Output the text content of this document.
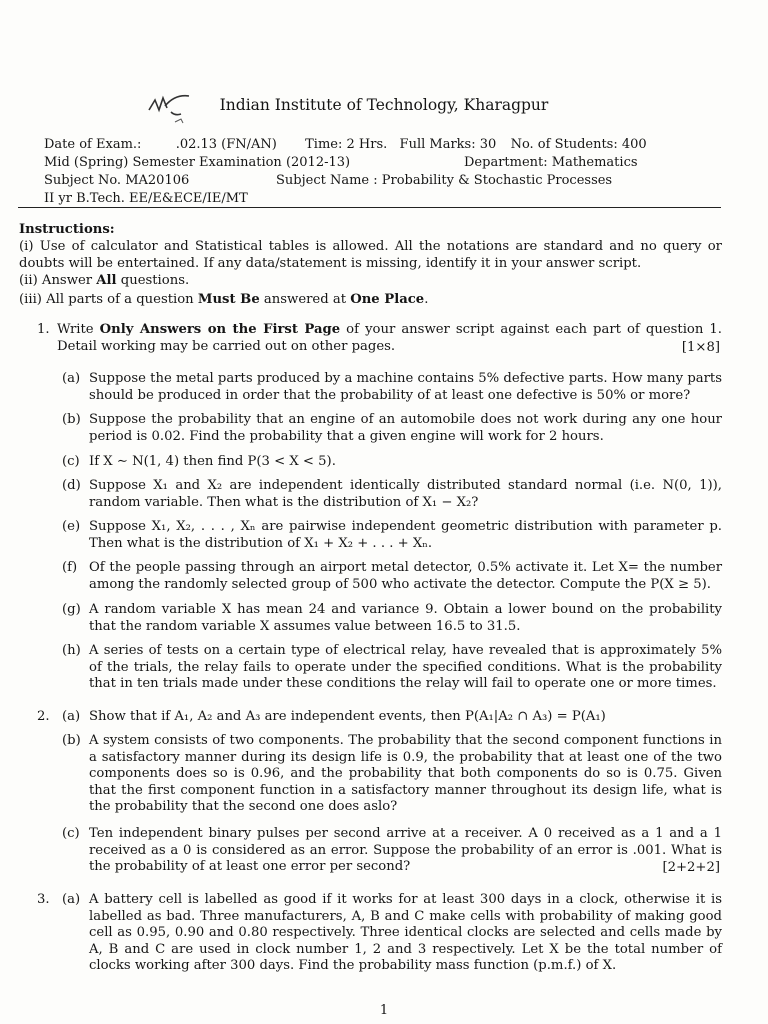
Indian Institute of Technology, Kharagpur
Date of Exam.:	.02.13 (FN/AN) Time: 2 Hrs. Full Marks: 30 No. of Students: 400
Mid (Spring) Semester Examination (2012-13)	Department: Mathematics
Subject No. MA20106	Subject Name : Probability & Stochastic Processes
II yr B.Tech. EE/E&ECE/IE/MT
Instructions:
(i) Use of calculator and Statistical tables is allowed. All the notations are standard and no query or doubts will be entertained. If any data/statement is missing, identify it in your answer script.
(ii) Answer All questions.
(iii) All parts of a question Must Be answered at One Place.
1. Write Only Answers on the First Page of your answer script against each part of question 1. Detail working may be carried out on other pages.	[1×8]
(a) Suppose the metal parts produced by a machine contains 5% defective parts. How many parts should be produced in order that the probability of at least one defective is 50% or more?
(b) Suppose the probability that an engine of an automobile does not work during any one hour period is 0.02. Find the probability that a given engine will work for 2 hours.
(c) If X ∼ N(1, 4) then find P(3 < X < 5).
(d) Suppose X₁ and X₂ are independent identically distributed standard normal (i.e. N(0, 1)), random variable. Then what is the distribution of X₁ − X₂?
(e) Suppose X₁, X₂, . . . , Xₙ are pairwise independent geometric distribution with parameter p. Then what is the distribution of X₁ + X₂ + . . . + Xₙ.
(f) Of the people passing through an airport metal detector, 0.5% activate it. Let X= the number among the randomly selected group of 500 who activate the detector. Compute the P(X ≥ 5).
(g) A random variable X has mean 24 and variance 9. Obtain a lower bound on the probability that the random variable X assumes value between 16.5 to 31.5.
(h) A series of tests on a certain type of electrical relay, have revealed that is approximately 5% of the trials, the relay fails to operate under the specified conditions. What is the probability that in ten trials made under these conditions the relay will fail to operate one or more times.
2. (a) Show that if A₁, A₂ and A₃ are independent events, then P(A₁|A₂ ∩ A₃) = P(A₁)
(b) A system consists of two components. The probability that the second component functions in a satisfactory manner during its design life is 0.9, the probability that at least one of the two components does so is 0.96, and the probability that both components do so is 0.75. Given that the first component function in a satisfactory manner throughout its design life, what is the probability that the second one does aslo?
(c) Ten independent binary pulses per second arrive at a receiver. A 0 received as a 1 and a 1 received as a 0 is considered as an error. Suppose the probability of an error is .001. What is the probability of at least one error per second?	[2+2+2]
3. (a) A battery cell is labelled as good if it works for at least 300 days in a clock, otherwise it is labelled as bad. Three manufacturers, A, B and C make cells with probability of making good cell as 0.95, 0.90 and 0.80 respectively. Three identical clocks are selected and cells made by A, B and C are used in clock number 1, 2 and 3 respectively. Let X be the total number of clocks working after 300 days. Find the probability mass function (p.m.f.) of X.
1
